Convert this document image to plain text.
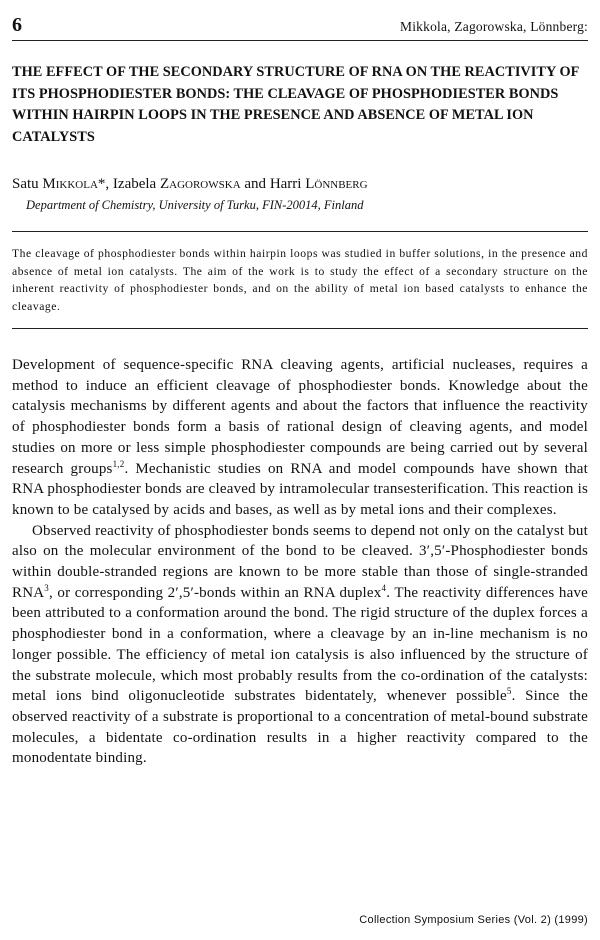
6	Mikkola, Zagorowska, Lönnberg:
THE EFFECT OF THE SECONDARY STRUCTURE OF RNA ON THE REACTIVITY OF ITS PHOSPHODIESTER BONDS: THE CLEAVAGE OF PHOSPHODIESTER BONDS WITHIN HAIRPIN LOOPS IN THE PRESENCE AND ABSENCE OF METAL ION CATALYSTS
Satu Mikkola*, Izabela Zagorowska and Harri Lönnberg
Department of Chemistry, University of Turku, FIN-20014, Finland

The cleavage of phosphodiester bonds within hairpin loops was studied in buffer solutions, in the presence and absence of metal ion catalysts. The aim of the work is to study the effect of a secondary structure on the inherent reactivity of phosphodiester bonds, and on the ability of metal ion based catalysts to enhance the cleavage.

Development of sequence-specific RNA cleaving agents, artificial nucleases, requires a method to induce an efficient cleavage of phosphodiester bonds. Knowledge about the catalysis mechanisms by different agents and about the factors that influence the reactivity of phosphodiester bonds form a basis of rational design of cleaving agents, and model studies on more or less simple phosphodiester compounds are being carried out by several research groups$^{1,2}$. Mechanistic studies on RNA and model compounds have shown that RNA phosphodiester bonds are cleaved by intramolecular transesterification. This reaction is known to be catalysed by acids and bases, as well as by metal ions and their complexes.

Observed reactivity of phosphodiester bonds seems to depend not only on the catalyst but also on the molecular environment of the bond to be cleaved. 3′,5′-Phosphodiester bonds within double-stranded regions are known to be more stable than those of single-stranded RNA$^3$, or corresponding 2′,5′-bonds within an RNA duplex$^4$. The reactivity differences have been attributed to a conformation around the bond. The rigid structure of the duplex forces a phosphodiester bond in a conformation, where a cleavage by an in-line mechanism is no longer possible. The efficiency of metal ion catalysis is also influenced by the structure of the substrate molecule, which most probably results from the co-ordination of the catalysts: metal ions bind oligonucleotide substrates bidentately, whenever possible$^5$. Since the observed reactivity of a substrate is proportional to a concentration of metal-bound substrate molecules, a bidentate co-ordination results in a higher reactivity compared to the monodentate binding.

Collection Symposium Series (Vol. 2) (1999)
